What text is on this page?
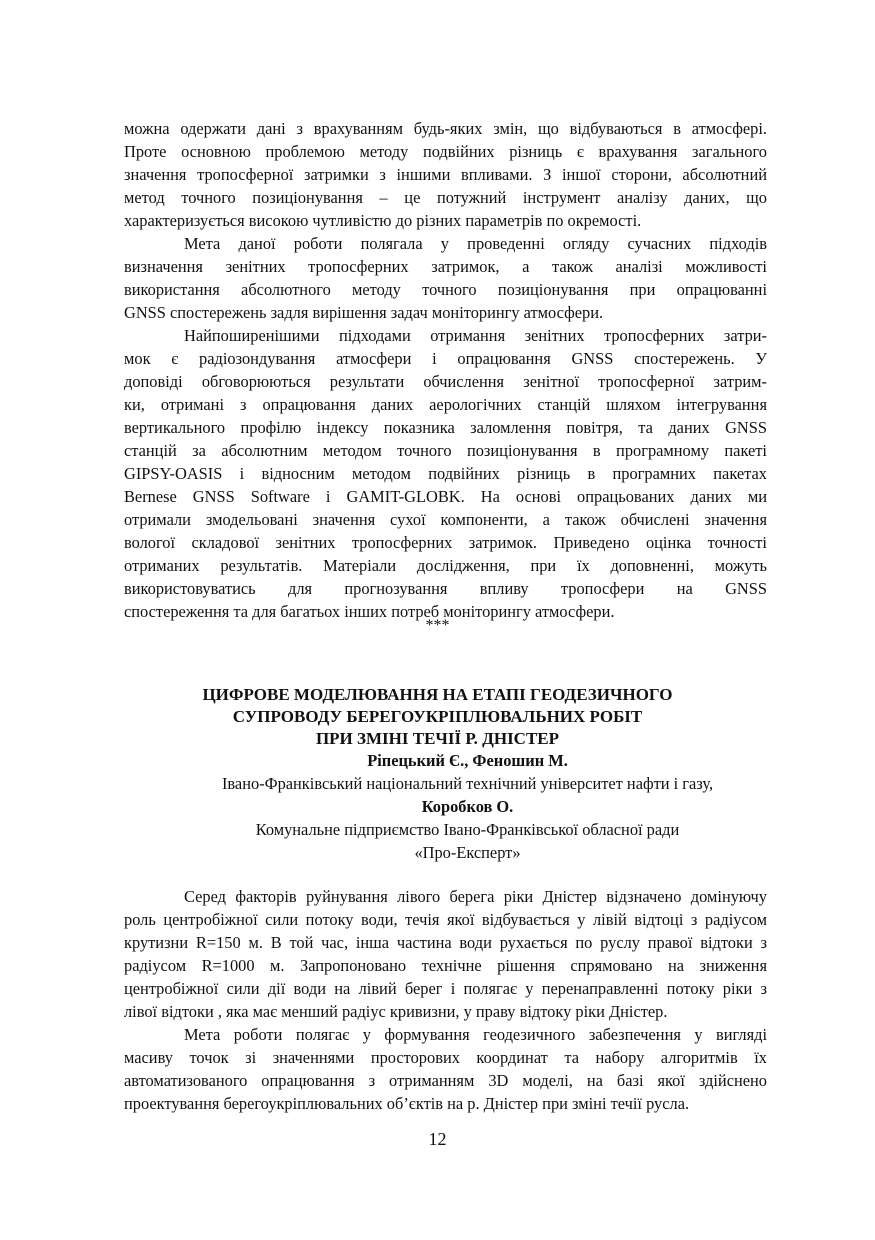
можна одержати дані з врахуванням будь-яких змін, що відбуваються в атмосфері.
Проте основною проблемою методу подвійних різниць є врахування загального
значення тропосферної затримки з іншими впливами. З іншої сторони, абсолютний
метод точного позиціонування – це потужний інструмент аналізу даних, що
характеризується високою чутливістю до різних параметрів по окремості.
Мета даної роботи полягала у проведенні огляду сучасних підходів
визначення зенітних тропосферних затримок, а також аналізі можливості
використання абсолютного методу точного позиціонування при опрацюванні
GNSS спостережень задля вирішення задач моніторингу атмосфери.
Найпоширенішими підходами отримання зенітних тропосферних затри-
мок є радіозондування атмосфери і опрацювання GNSS спостережень. У
доповіді обговорюються результати обчислення зенітної тропосферної затрим-
ки, отримані з опрацювання даних аерологічних станцій шляхом інтегрування
вертикального профілю індексу показника заломлення повітря, та даних GNSS
станцій за абсолютним методом точного позиціонування в програмному пакеті
GIPSY-OASIS і відносним методом подвійних різниць в програмних пакетах
Bernese GNSS Software і GAMIT-GLOBK. На основі опрацьованих даних ми
отримали змодельовані значення сухої компоненти, а також обчислені значення
вологої складової зенітних тропосферних затримок. Приведено оцінка точності
отриманих результатів. Матеріали дослідження, при їх доповненні, можуть
використовуватись для прогнозування впливу тропосфери на GNSS
спостереження та для багатьох інших потреб моніторингу атмосфери.
***
ЦИФРОВЕ МОДЕЛЮВАННЯ НА ЕТАПІ ГЕОДЕЗИЧНОГО
СУПРОВОДУ БЕРЕГОУКРІПЛЮВАЛЬНИХ РОБІТ
ПРИ ЗМІНІ ТЕЧІЇ Р. ДНІСТЕР
Ріпецький Є., Феношин М.
Івано-Франківський національний технічний університет нафти і газу,
Коробков О.
Комунальне підприємство Івано-Франківської обласної ради
«Про-Експерт»
Серед факторів руйнування лівого берега ріки Дністер відзначено домінуючу
роль центробіжної сили потоку води, течія якої відбувається у лівій відтоці з радіусом
крутизни R=150 м. В той час, інша частина води рухається по руслу правої відтоки з
радіусом R=1000 м. Запропоновано технічне рішення спрямовано на зниження
центробіжної сили дії води на лівий берег і полягає у перенаправленні потоку ріки з
лівої відтоки , яка має менший радіус кривизни, у праву відтоку ріки Дністер.
Мета роботи полягає у формування геодезичного забезпечення у вигляді
масиву точок зі значеннями просторових координат та набору алгоритмів їх
автоматизованого опрацювання з отриманням 3D моделі, на базі якої здійснено
проектування берегоукріплювальних об’єктів на р. Дністер при зміні течії русла.
12
